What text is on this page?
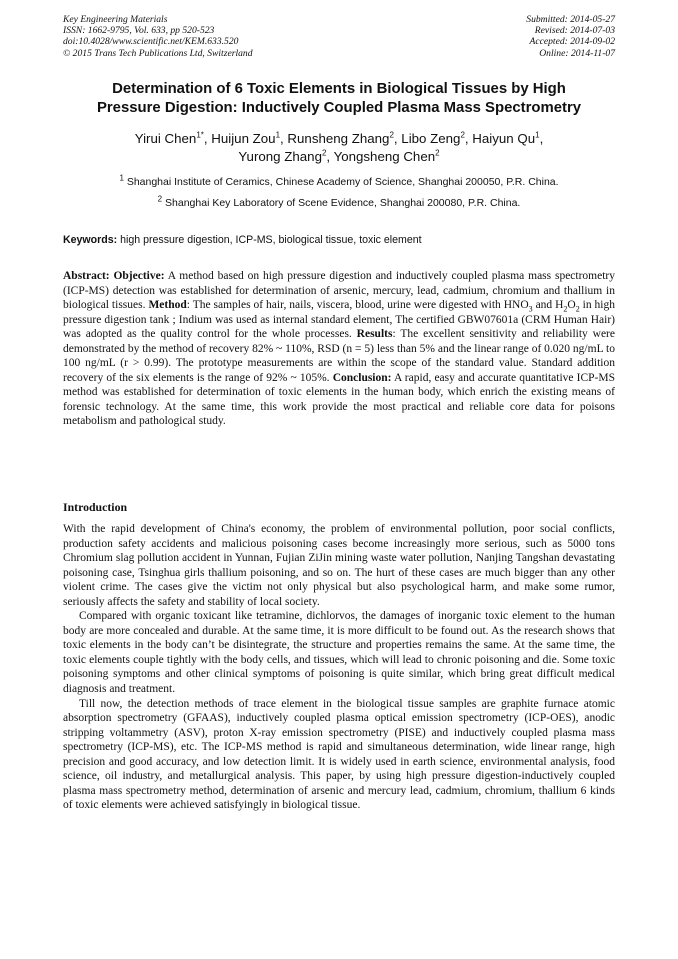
Key Engineering Materials
ISSN: 1662-9795, Vol. 633, pp 520-523
doi:10.4028/www.scientific.net/KEM.633.520
© 2015 Trans Tech Publications Ltd, Switzerland
Submitted: 2014-05-27
Revised: 2014-07-03
Accepted: 2014-09-02
Online: 2014-11-07
Determination of 6 Toxic Elements in Biological Tissues by High
Pressure Digestion: Inductively Coupled Plasma Mass Spectrometry
Yirui Chen$^{1*}$, Huijun Zou$^1$, Runsheng Zhang$^2$, Libo Zeng$^2$, Haiyun Qu$^1$,
Yurong Zhang$^2$, Yongsheng Chen$^2$
$^1$ Shanghai Institute of Ceramics, Chinese Academy of Science, Shanghai 200050, P.R. China.
$^2$ Shanghai Key Laboratory of Scene Evidence, Shanghai 200080, P.R. China.
Keywords: high pressure digestion, ICP-MS, biological tissue, toxic element
Abstract: Objective: A method based on high pressure digestion and inductively coupled plasma mass spectrometry (ICP-MS) detection was established for determination of arsenic, mercury, lead, cadmium, chromium and thallium in biological tissues. Method: The samples of hair, nails, viscera, blood, urine were digested with $HNO_3$ and $H_2O_2$ in high pressure digestion tank ; Indium was used as internal standard element, The certified GBW07601a (CRM Human Hair) was adopted as the quality control for the whole processes. Results: The excellent sensitivity and reliability were demonstrated by the method of recovery 82% ~ 110%, RSD (n = 5) less than 5% and the linear range of 0.020 ng/mL to 100 ng/mL (r > 0.99). The prototype measurements are within the scope of the standard value. Standard addition recovery of the six elements is the range of 92% ~ 105%. Conclusion: A rapid, easy and accurate quantitative ICP-MS method was established for determination of toxic elements in the human body, which enrich the existing means of forensic technology. At the same time, this work provide the most practical and reliable core data for poisons metabolism and pathological study.
Introduction

With the rapid development of China's economy, the problem of environmental pollution, poor social conflicts, production safety accidents and malicious poisoning cases become increasingly more serious, such as 5000 tons Chromium slag pollution accident in Yunnan, Fujian ZiJin mining waste water pollution, Nanjing Tangshan devastating poisoning case, Tsinghua girls thallium poisoning, and so on. The hurt of these cases are much bigger than any other violent crime. The cases give the victim not only physical but also psychological harm, and make some rumor, seriously affects the safety and stability of local society.

Compared with organic toxicant like tetramine, dichlorvos, the damages of inorganic toxic element to the human body are more concealed and durable. At the same time, it is more difficult to be found out. As the research shows that toxic elements in the body can’t be disintegrate, the structure and properties remains the same. At the same time, the toxic elements couple tightly with the body cells, and tissues, which will lead to chronic poisoning and die. Some toxic poisoning symptoms and other clinical symptoms of poisoning is quite similar, which bring great difficult medical diagnosis and treatment.

Till now, the detection methods of trace element in the biological tissue samples are graphite furnace atomic absorption spectrometry (GFAAS), inductively coupled plasma optical emission spectrometry (ICP-OES), anodic stripping voltammetry (ASV), proton X-ray emission spectrometry (PISE) and inductively coupled plasma mass spectrometry (ICP-MS), etc. The ICP-MS method is rapid and simultaneous determination, wide linear range, high precision and good accuracy, and low detection limit. It is widely used in earth science, environmental analysis, food science, oil industry, and metallurgical analysis. This paper, by using high pressure digestion-inductively coupled plasma mass spectrometry method, determination of arsenic and mercury lead, cadmium, chromium, thallium 6 kinds of toxic elements were achieved satisfyingly in biological tissue.
